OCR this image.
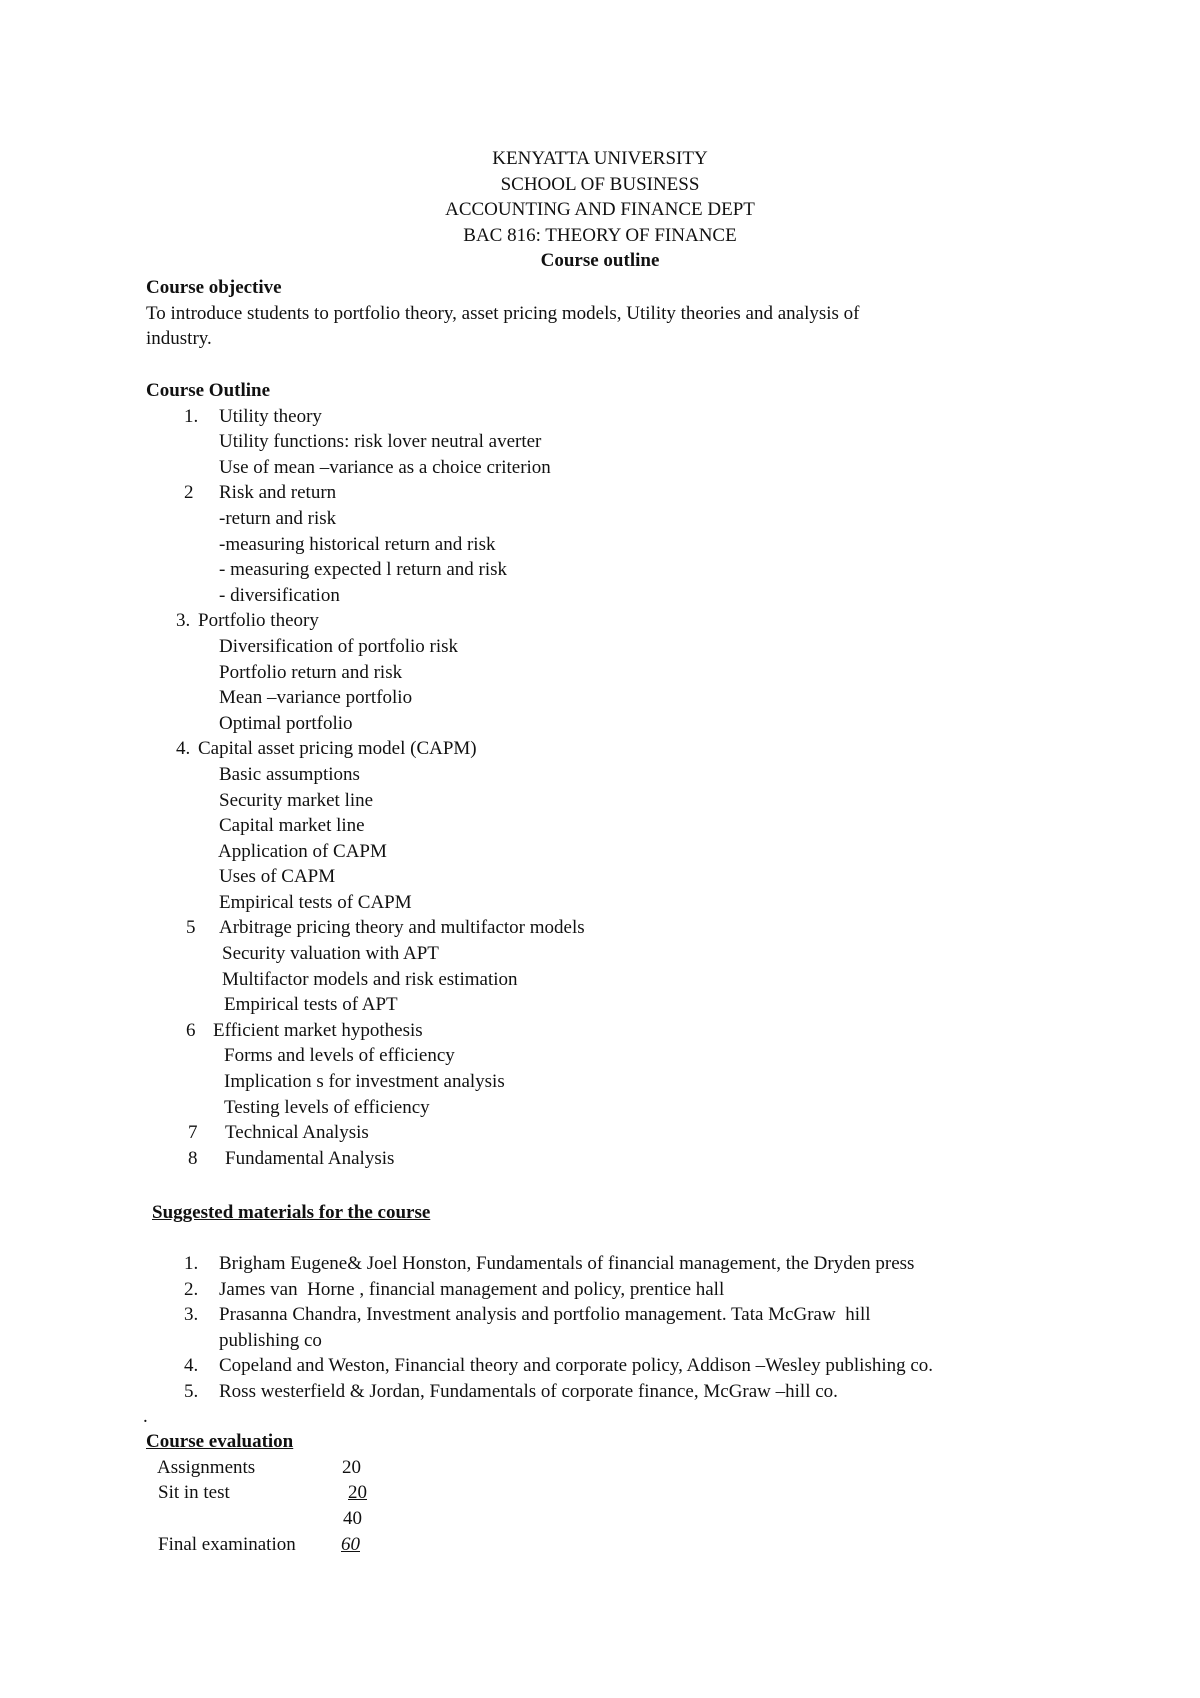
KENYATTA UNIVERSITY
SCHOOL OF BUSINESS
ACCOUNTING AND FINANCE DEPT
BAC 816: THEORY OF FINANCE
Course outline
Course objective
To introduce students to portfolio theory, asset pricing models, Utility theories and analysis of
industry.
Course Outline
1. Utility theory
Utility functions: risk lover neutral averter
Use of mean –variance as a choice criterion
2 Risk and return
-return and risk
-measuring historical return and risk
- measuring expected l return and risk
- diversification
3. Portfolio theory
Diversification of portfolio risk
Portfolio return and risk
Mean –variance portfolio
Optimal portfolio
4. Capital asset pricing model (CAPM)
Basic assumptions
Security market line
Capital market line
Application of CAPM
Uses of CAPM
Empirical tests of CAPM
5 Arbitrage pricing theory and multifactor models
Security valuation with APT
Multifactor models and risk estimation
Empirical tests of APT
6 Efficient market hypothesis
Forms and levels of efficiency
Implication s for investment analysis
Testing levels of efficiency
7 Technical Analysis
8 Fundamental Analysis
Suggested materials for the course
1. Brigham Eugene& Joel Honston, Fundamentals of financial management, the Dryden press
2. James van  Horne , financial management and policy, prentice hall
3. Prasanna Chandra, Investment analysis and portfolio management. Tata McGraw  hill
publishing co
4. Copeland and Weston, Financial theory and corporate policy, Addison –Wesley publishing co.
5. Ross westerfield & Jordan, Fundamentals of corporate finance, McGraw –hill co.
.
Course evaluation
Assignments	20
Sit in test	20
40
Final examination 60
